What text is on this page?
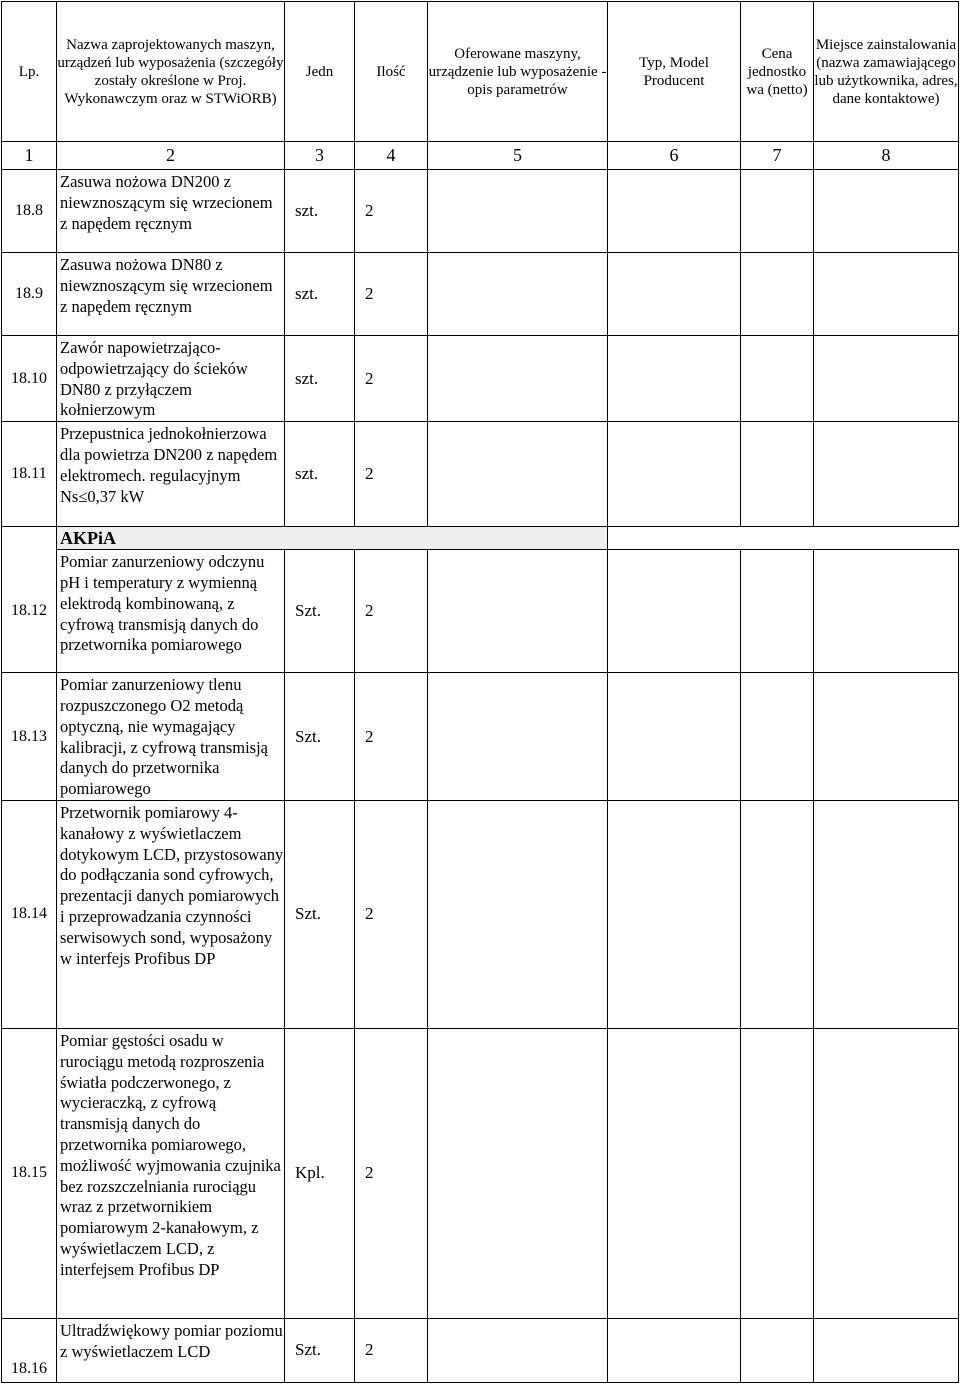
Lp.	Nazwa zaprojektowanych maszyn, urządzeń lub wyposażenia (szczegóły zostały określone w Proj. Wykonawczym oraz w STWiORB)	Jedn	Ilość	Oferowane maszyny, urządzenie lub wyposażenie - opis parametrów	Typ, Model Producent	Cena jednostko wa (netto)	Miejsce zainstalowania (nazwa zamawiającego lub użytkownika, adres, dane kontaktowe)
1	2	3	4	5	6	7	8
18.8	Zasuwa nożowa DN200 z niewznoszącym się wrzecionem z napędem ręcznym	szt.	2				
18.9	Zasuwa nożowa DN80 z niewznoszącym się wrzecionem z napędem ręcznym	szt.	2				
18.10	Zawór napowietrzająco-odpowietrzający do ścieków DN80 z przyłączem kołnierzowym	szt.	2				
18.11	Przepustnica jednokołnierzowa dla powietrza DN200 z napędem elektromech. regulacyjnym Ns≤0,37 kW	szt.	2				
	AKPiA						
18.12	Pomiar zanurzeniowy odczynu pH i temperatury z wymienną elektrodą kombinowaną, z cyfrową transmisją danych do przetwornika pomiarowego	Szt.	2				
18.13	Pomiar zanurzeniowy tlenu rozpuszczonego O2 metodą optyczną, nie wymagający kalibracji, z cyfrową transmisją danych do przetwornika pomiarowego	Szt.	2				
18.14	Przetwornik pomiarowy 4-kanałowy z wyświetlaczem dotykowym LCD, przystosowany do podłączania sond cyfrowych, prezentacji danych pomiarowych i przeprowadzania czynności serwisowych sond, wyposażony w interfejs Profibus DP	Szt.	2				
18.15	Pomiar gęstości osadu w rurociągu metodą rozproszenia światła podczerwonego, z wycieraczką, z cyfrową transmisją danych do przetwornika pomiarowego, możliwość wyjmowania czujnika bez rozszczelniania rurociągu wraz z przetwornikiem pomiarowym 2-kanałowym, z wyświetlaczem LCD, z interfejsem Profibus DP	Kpl.	2				
18.16	Ultradźwiękowy pomiar poziomu z wyświetlaczem LCD	Szt.	2				
